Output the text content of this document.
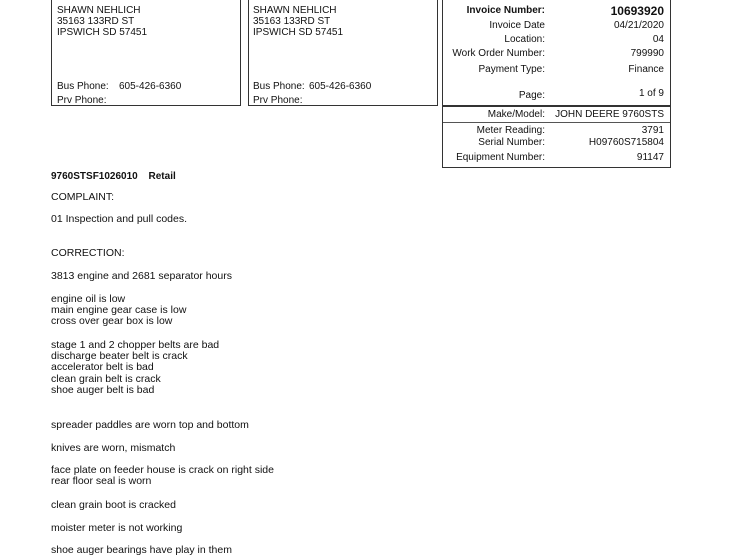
SHAWN NEHLICH
35163 133RD ST
IPSWICH SD 57451
Bus Phone: 605-426-6360
Prv Phone:
SHAWN NEHLICH
35163 133RD ST
IPSWICH SD 57451
Bus Phone: 605-426-6360
Prv Phone:
Invoice Number:	10693920
Invoice Date	04/21/2020
Location:	04
Work Order Number:	799990
Payment Type:	Finance
Page:	1 of 9
Make/Model: JOHN DEERE 9760STS
Meter Reading:	3791
Serial Number:	H09760S715804
Equipment Number:	91147
9760STSF1026010 Retail
COMPLAINT:
01 Inspection and pull codes.
CORRECTION:
3813 engine and 2681 separator hours
engine oil is low
main engine gear case is low
cross over gear box is low
stage 1 and 2 chopper belts are bad
discharge beater belt is crack
accelerator belt is bad
clean grain belt is crack
shoe auger belt is bad
spreader paddles are worn top and bottom
knives are worn, mismatch
face plate on feeder house is crack on right side
rear floor seal is worn
clean grain boot is cracked
moister meter is not working
shoe auger bearings have play in them
